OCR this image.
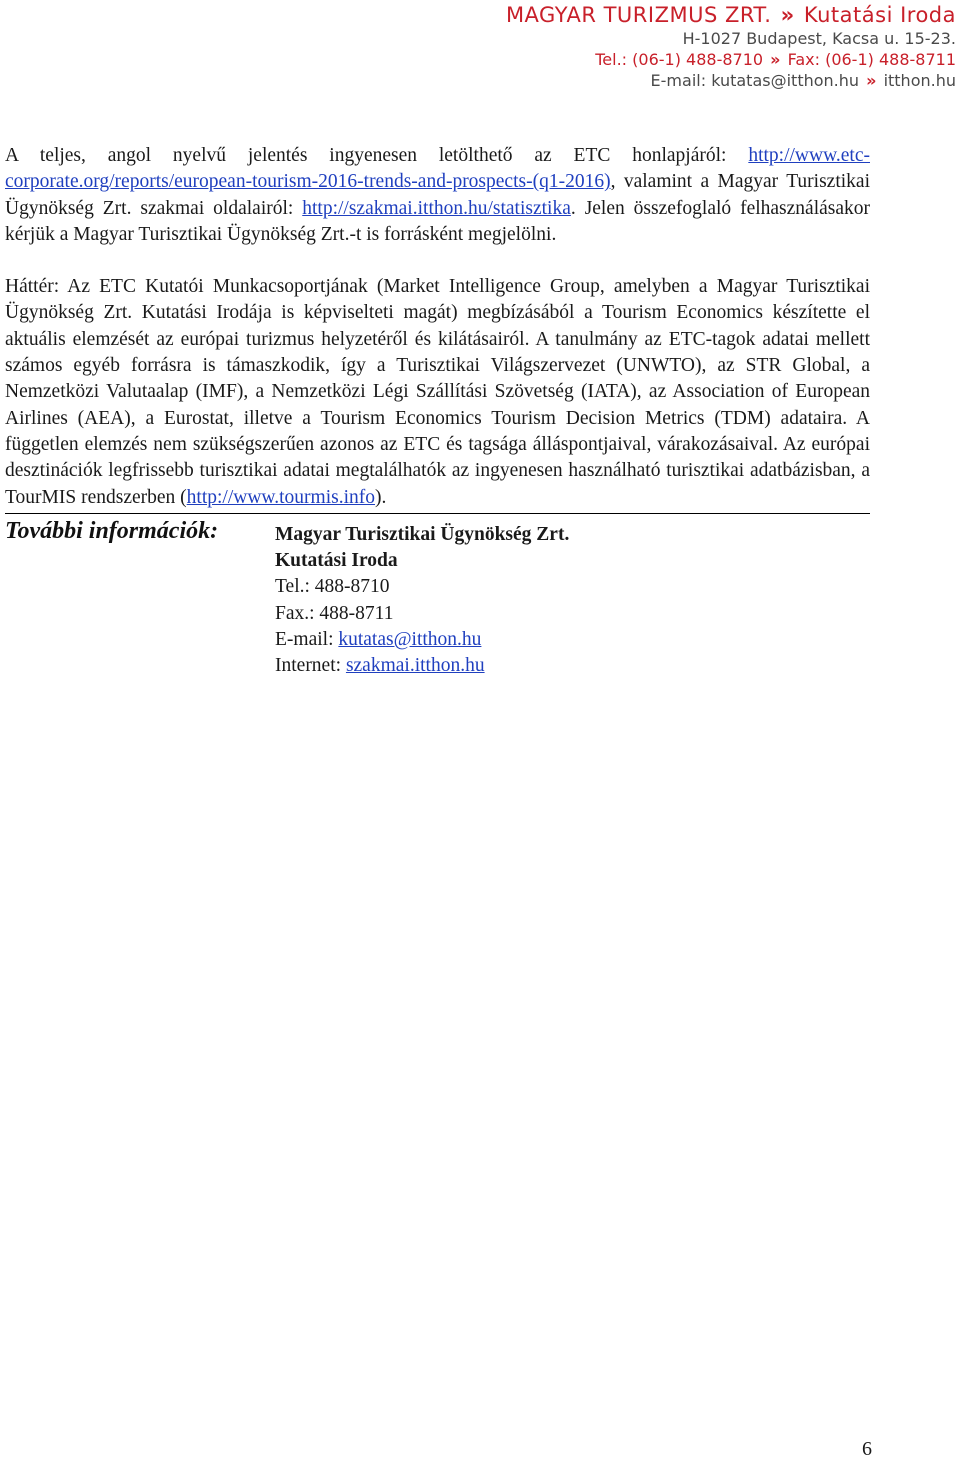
MAGYAR TURIZMUS ZRT. » Kutatási Iroda
H-1027 Budapest, Kacsa u. 15-23.
Tel.: (06-1) 488-8710 » Fax: (06-1) 488-8711
E-mail: kutatas@itthon.hu » itthon.hu

A teljes, angol nyelvű jelentés ingyenesen letölthető az ETC honlapjáról: http://www.etc-corporate.org/reports/european-tourism-2016-trends-and-prospects-(q1-2016), valamint a Magyar Turisztikai Ügynökség Zrt. szakmai oldalairól: http://szakmai.itthon.hu/statisztika. Jelen összefoglaló felhasználásakor kérjük a Magyar Turisztikai Ügynökség Zrt.-t is forrásként megjelölni.

Háttér: Az ETC Kutatói Munkacsoportjának (Market Intelligence Group, amelyben a Magyar Turisztikai Ügynökség Zrt. Kutatási Irodája is képviselteti magát) megbízásából a Tourism Economics készítette el aktuális elemzését az európai turizmus helyzetéről és kilátásairól. A tanulmány az ETC-tagok adatai mellett számos egyéb forrásra is támaszkodik, így a Turisztikai Világszervezet (UNWTO), az STR Global, a Nemzetközi Valutaalap (IMF), a Nemzetközi Légi Szállítási Szövetség (IATA), az Association of European Airlines (AEA), a Eurostat, illetve a Tourism Economics Tourism Decision Metrics (TDM) adataira. A független elemzés nem szükségszerűen azonos az ETC és tagsága álláspontjaival, várakozásaival. Az európai desztinációk legfrissebb turisztikai adatai megtalálhatók az ingyenesen használható turisztikai adatbázisban, a TourMIS rendszerben (http://www.tourmis.info).

További információk:	Magyar Turisztikai Ügynökség Zrt.
Kutatási Iroda
Tel.: 488-8710
Fax.: 488-8711
E-mail: kutatas@itthon.hu
Internet: szakmai.itthon.hu
6
